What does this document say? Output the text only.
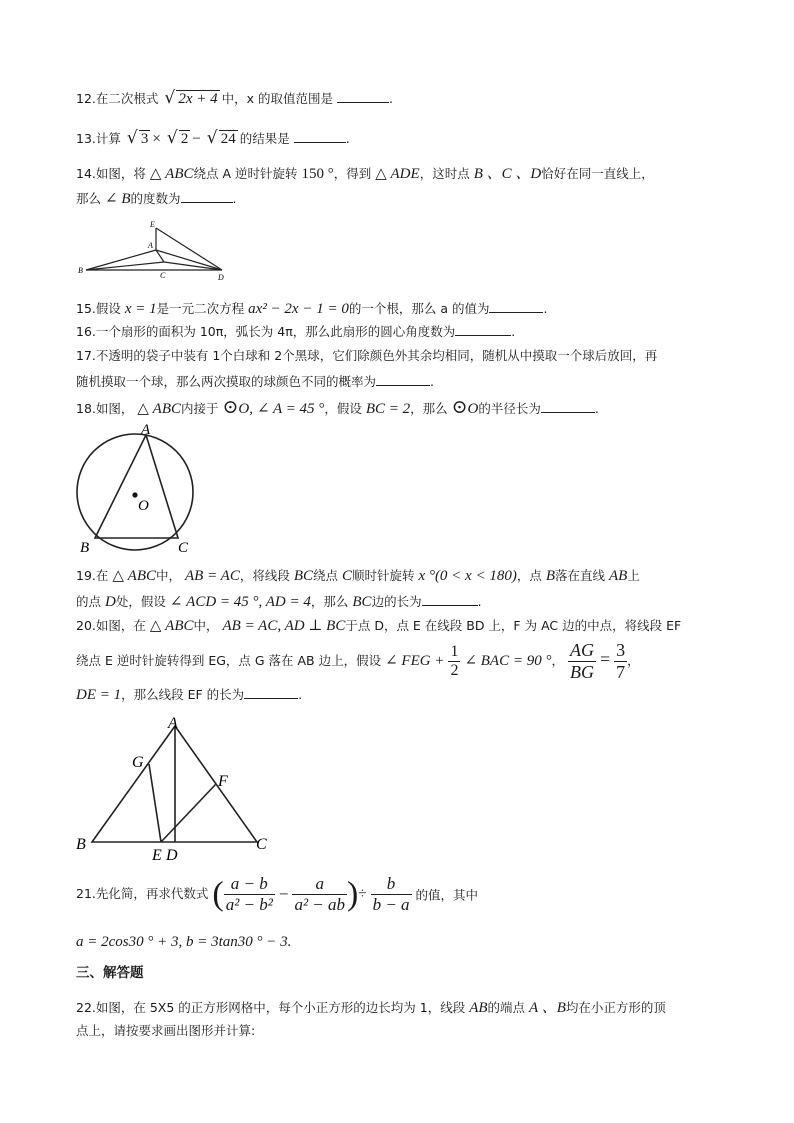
12.在二次根式 √ 2x + 4 中，x 的取值范围是	.
13.计算 √ 3 × √ 2 − √ 24 的结果是	.
14.如图，将 △ ABC绕点 A 逆时针旋转 150 °，得到 △ ADE，这时点 B 、C 、D恰好在同一直线上，
那么 ∠ B的度数为	.
E
A
B
C	D
15.假设 x = 1是一元二次方程 ax² − 2x − 1 = 0的一个根，那么 a 的值为	.
16.一个扇形的面积为 10π，弧长为 4π，那么此扇形的圆心角度数为	.
17.不透明的袋子中装有 1个白球和 2个黑球，它们除颜色外其余均相同，随机从中摸取一个球后放回，再
随机摸取一个球，那么两次摸取的球颜色不同的概率为	.
18.如图， △ ABC内接于 ⊙O, ∠ A = 45 °，假设 BC = 2，那么 ⊙O的半径长为	.
A
O
B	C
19.在 △ ABC中， AB = AC，将线段 BC绕点 C顺时针旋转 x °(0 < x < 180)，点 B落在直线 AB上
的点 D处，假设 ∠ ACD = 45 °, AD = 4，那么 BC边的长为	.
20.如图，在 △ ABC中， AB = AC, AD ⊥ BC于点 D，点 E 在线段 BD 上，F 为 AC 边的中点，将线段 EF
绕点 E 逆时针旋转得到 EG，点 G 落在 AB 边上，假设 ∠ FEG + $\frac{1}{2}$ ∠ BAC = 90 °， $\frac{AG}{BG} = \frac{3}{7}$ ，
DE = 1，那么线段 EF 的长为	.
A
G
F
B
E D
C
21.先化简，再求代数式 ( $\frac{a - b}{\text{a² − b²}} - \frac{a}{\text{a² − ab}}$ )÷ $\frac{b}{b - a}$ 的值，其中
a = 2cos30 ° + 3, b = 3tan30 ° − 3.
三、解答题
22.如图，在 5X5 的正方形网格中，每个小正方形的边长均为 1，线段 AB的端点 A 、B均在小正方形的顶
点上，请按要求画出图形并计算:
